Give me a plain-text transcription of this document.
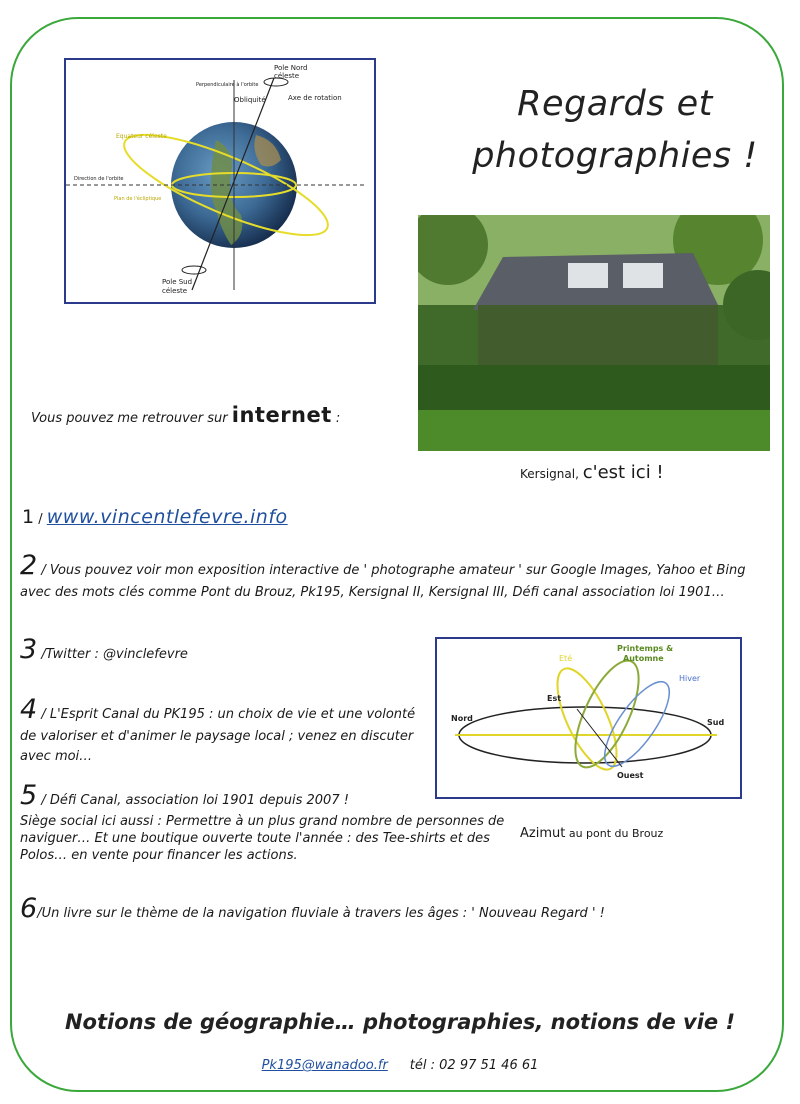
Pole Nord
céleste
Perpendiculaire à l'orbite
Obliquité	Axe de rotation
Equateur céleste
Direction de l'orbite
Plan de l'écliptique
Pole Sud
céleste
Regards et
photographies !
Kersignal, c'est ici !
Vous pouvez me retrouver sur internet :
1 / www.vincentlefevre.info
2 / Vous pouvez voir mon exposition interactive de ' photographe amateur ' sur Google Images, Yahoo et Bing avec des mots clés comme Pont du Brouz, Pk195, Kersignal II, Kersignal III, Défi canal association loi 1901…
3 /Twitter : @vinclefevre
4 / L'Esprit Canal du PK195 : un choix de vie et une volonté de valoriser et d'animer le paysage local ; venez en discuter avec moi…
5 / Défi Canal, association loi 1901 depuis 2007 !
Siège social ici aussi : Permettre à un plus grand nombre de personnes de naviguer… Et une boutique ouverte toute l'année : des Tee-shirts et des Polos… en vente pour financer les actions.
6/Un livre sur le thème de la navigation fluviale à travers les âges : ' Nouveau Regard ' !
Printemps &
Automne
Eté
Hiver
Est
Nord	Sud
Ouest
Azimut au pont du Brouz
Notions de géographie… photographies, notions de vie !
Pk195@wanadoo.fr tél : 02 97 51 46 61
